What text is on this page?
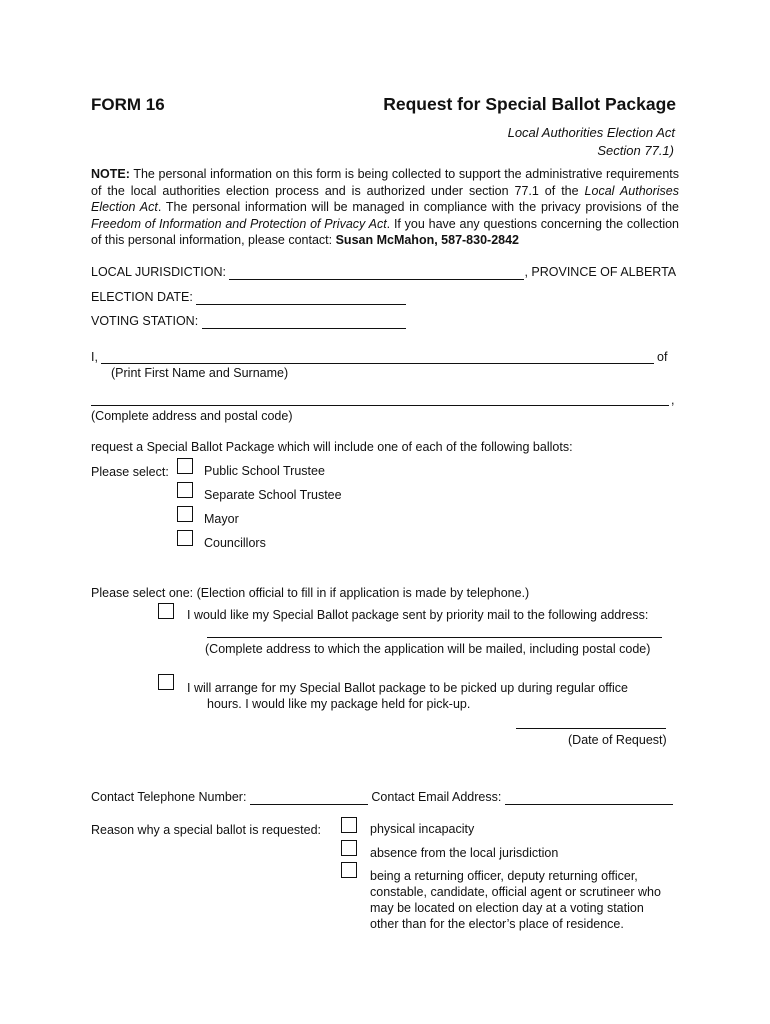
FORM 16	Request for Special Ballot Package
Local Authorities Election Act
Section 77.1)
NOTE: The personal information on this form is being collected to support the administrative requirements of the local authorities election process and is authorized under section 77.1 of the Local Authorises Election Act. The personal information will be managed in compliance with the privacy provisions of the Freedom of Information and Protection of Privacy Act. If you have any questions concerning the collection of this personal information, please contact: Susan McMahon, 587-830-2842
LOCAL JURISDICTION:	, PROVINCE OF ALBERTA
ELECTION DATE:
VOTING STATION:
I,	of
(Print First Name and Surname)
,
(Complete address and postal code)
request a Special Ballot Package which will include one of each of the following ballots:
Please select:	Public School Trustee
Separate School Trustee
Mayor
Councillors
Please select one: (Election official to fill in if application is made by telephone.)
I would like my Special Ballot package sent by priority mail to the following address:
(Complete address to which the application will be mailed, including postal code)
I will arrange for my Special Ballot package to be picked up during regular office
hours. I would like my package held for pick-up.
(Date of Request)
Contact Telephone Number:	Contact Email Address:
Reason why a special ballot is requested:	physical incapacity
absence from the local jurisdiction
being a returning officer, deputy returning officer,
constable, candidate, official agent or scrutineer who
may be located on election day at a voting station
other than for the elector’s place of residence.
